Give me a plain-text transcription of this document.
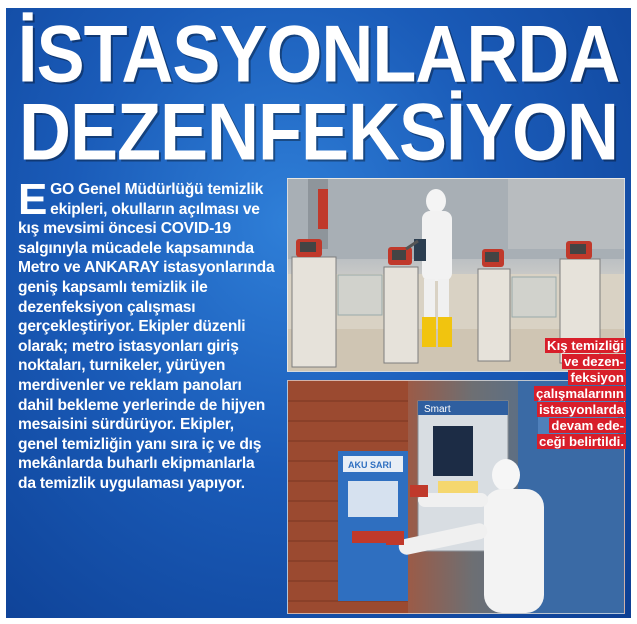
İSTASYONLARDA
DEZENFEKSİYON
EGO Genel Müdürlüğü temizlik ekipleri, okulların açılması ve kış mevsimi öncesi COVID-19 salgınıyla mücadele kapsamında Metro ve ANKARAY istasyonlarında geniş kapsamlı temizlik ile dezenfeksiyon çalışması gerçekleştiriyor. Ekipler düzenli olarak; metro istasyonları giriş noktaları, turnikeler, yürüyen merdivenler ve reklam panoları dahil bekleme yerlerinde de hijyen mesaisini sürdürüyor. Ekipler, genel temizliğin yanı sıra iç ve dış mekânlarda buharlı ekipmanlarla da temizlik uygulaması yapıyor.
Smart
AKU SARI
Kış temizliği
ve dezen-
feksiyon
çalışmalarının
istasyonlarda
devam ede-
ceği belirtildi.
